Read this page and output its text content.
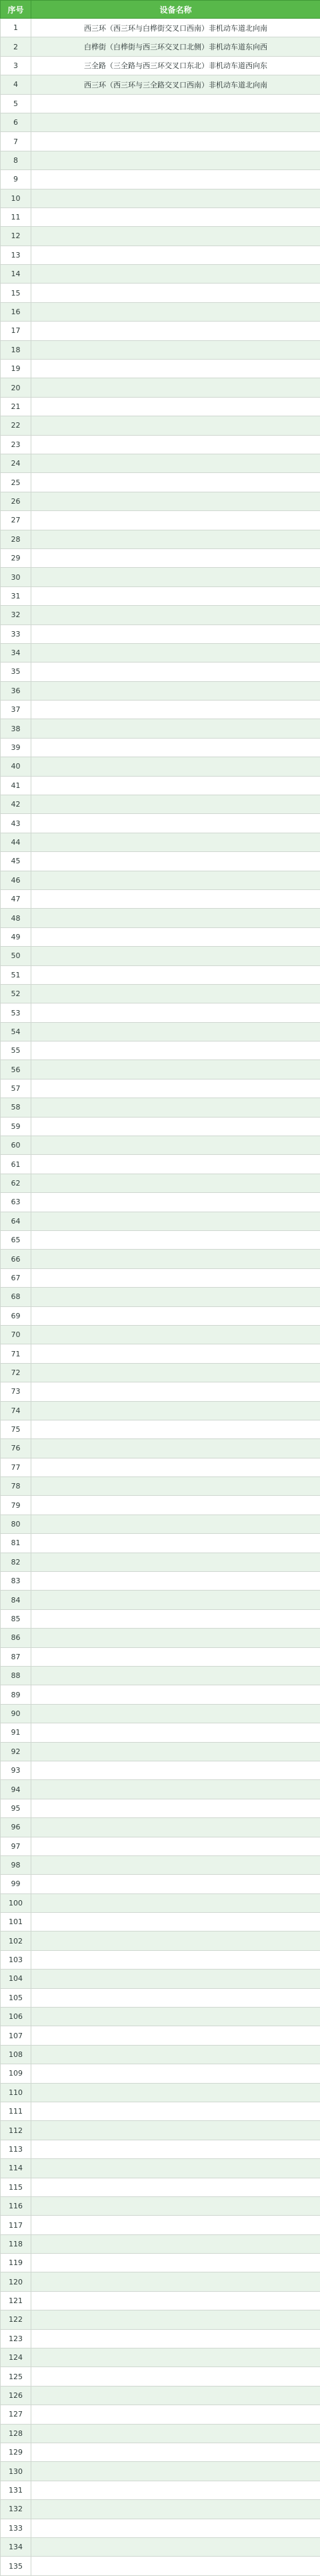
序号	设备名称
1	西三环（西三环与白桦街交叉口西南）非机动车道北向南
2	白桦街（白桦街与西三环交叉口北侧）非机动车道东向西
3	三全路（三全路与西三环交叉口东北）非机动车道西向东
4	西三环（西三环与三全路交叉口西南）非机动车道北向南
5	
6	
7	
8	
9	
10	
11	
12	
13	
14	
15	
16	
17	
18	
19	
20	
21	
22	
23	
24	
25	
26	
27	
28	
29	
30	
31	
32	
33	
34	
35	
36	
37	
38	
39	
40	
41	
42	
43	
44	
45	
46	
47	
48	
49	
50	
51	
52	
53	
54	
55	
56	
57	
58	
59	
60	
61	
62	
63	
64	
65	
66	
67	
68	
69	
70	
71	
72	
73	
74	
75	
76	
77	
78	
79	
80	
81	
82	
83	
84	
85	
86	
87	
88	
89	
90	
91	
92	
93	
94	
95	
96	
97	
98	
99	
100	
101	
102	
103	
104	
105	
106	
107	
108	
109	
110	
111	
112	
113	
114	
115	
116	
117	
118	
119	
120	
121	
122	
123	
124	
125	
126	
127	
128	
129	
130	
131	
132	
133	
134	
135	
